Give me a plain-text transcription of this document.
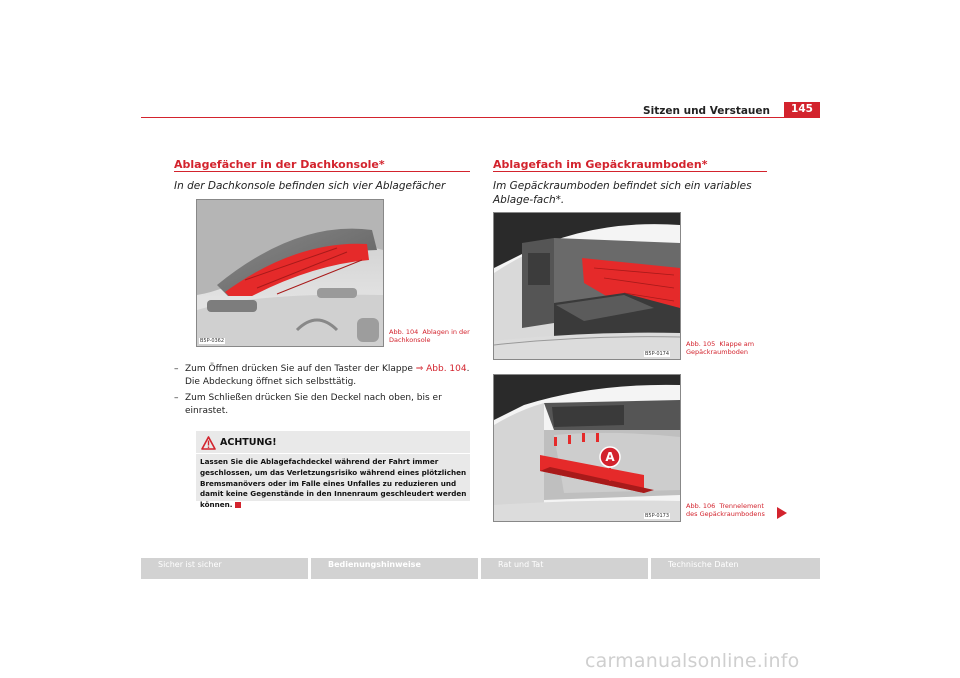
Sitzen und Verstauen	145
Ablagefächer in der Dachkonsole*
In der Dachkonsole befinden sich vier Ablagefächer
B5P-0362
Abb. 104 Ablagen in der Dachkonsole
– Zum Öffnen drücken Sie auf den Taster der Klappe ⇒ Abb. 104. Die Abdeckung öffnet sich selbsttätig.
– Zum Schließen drücken Sie den Deckel nach oben, bis er einrastet.
ACHTUNG!
Lassen Sie die Ablagefachdeckel während der Fahrt immer geschlossen, um das Verletzungsrisiko während eines plötzlichen Bremsmanövers oder im Falle eines Unfalles zu reduzieren und damit keine Gegenstände in den Innenraum geschleudert werden können.
Ablagefach im Gepäckraumboden*
Im Gepäckraumboden befindet sich ein variables Ablage-fach*.
B5P-0174
Abb. 105 Klappe am Gepäckraumboden
A
B5P-0173
Abb. 106 Trennelement des Gepäckraumbodens
Sicher ist sicher	Bedienungshinweise	Rat und Tat	Technische Daten
carmanualsonline.info
